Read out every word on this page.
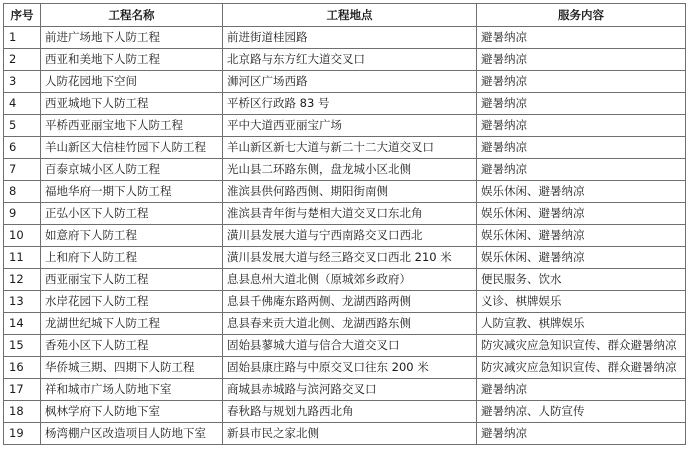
序号	工程名称	工程地点	服务内容
1	前进广场地下人防工程	前进街道桂园路	避暑纳凉
2	西亚和美地下人防工程	北京路与东方红大道交叉口	避暑纳凉
3	人防花园地下空间	浉河区广场西路	避暑纳凉
4	西亚城地下人防工程	平桥区行政路 83 号	避暑纳凉
5	平桥西亚丽宝地下人防工程	平中大道西亚丽宝广场	避暑纳凉
6	羊山新区大信桂竹园下人防工程	羊山新区新七大道与新二十二大道交叉口	避暑纳凉
7	百泰京城小区人防工程	光山县二环路东侧，盘龙城小区北侧	避暑纳凉
8	福地华府一期下人防工程	淮滨县供何路西侧、期阳街南侧	娱乐休闲、避暑纳凉
9	正弘小区下人防工程	淮滨县青年街与楚相大道交叉口东北角	娱乐休闲、避暑纳凉
10	如意府下人防工程	潢川县发展大道与宁西南路交叉口西北	娱乐休闲、避暑纳凉
11	上和府下人防工程	潢川县发展大道与经三路交叉口西北 210 米	娱乐休闲、避暑纳凉
12	西亚丽宝下人防工程	息县息州大道北侧（原城郊乡政府）	便民服务、饮水
13	水岸花园下人防工程	息县千佛庵东路两侧、龙湖西路两侧	义诊、棋牌娱乐
14	龙湖世纪城下人防工程	息县春来贡大道北侧、龙湖西路东侧	人防宣教、棋牌娱乐
15	香苑小区下人防工程	固始县蓼城大道与信合大道交叉口	防灾减灾应急知识宣传、群众避暑纳凉
16	华侨城三期、四期下人防工程	固始县康庄路与中原交叉口往东 200 米	防灾减灾应急知识宣传、群众避暑纳凉
17	祥和城市广场人防地下室	商城县赤城路与滨河路交叉口	避暑纳凉
18	枫林学府下人防地下室	春秋路与规划九路西北角	避暑纳凉、人防宣传
19	杨湾棚户区改造项目人防地下室	新县市民之家北侧	避暑纳凉
